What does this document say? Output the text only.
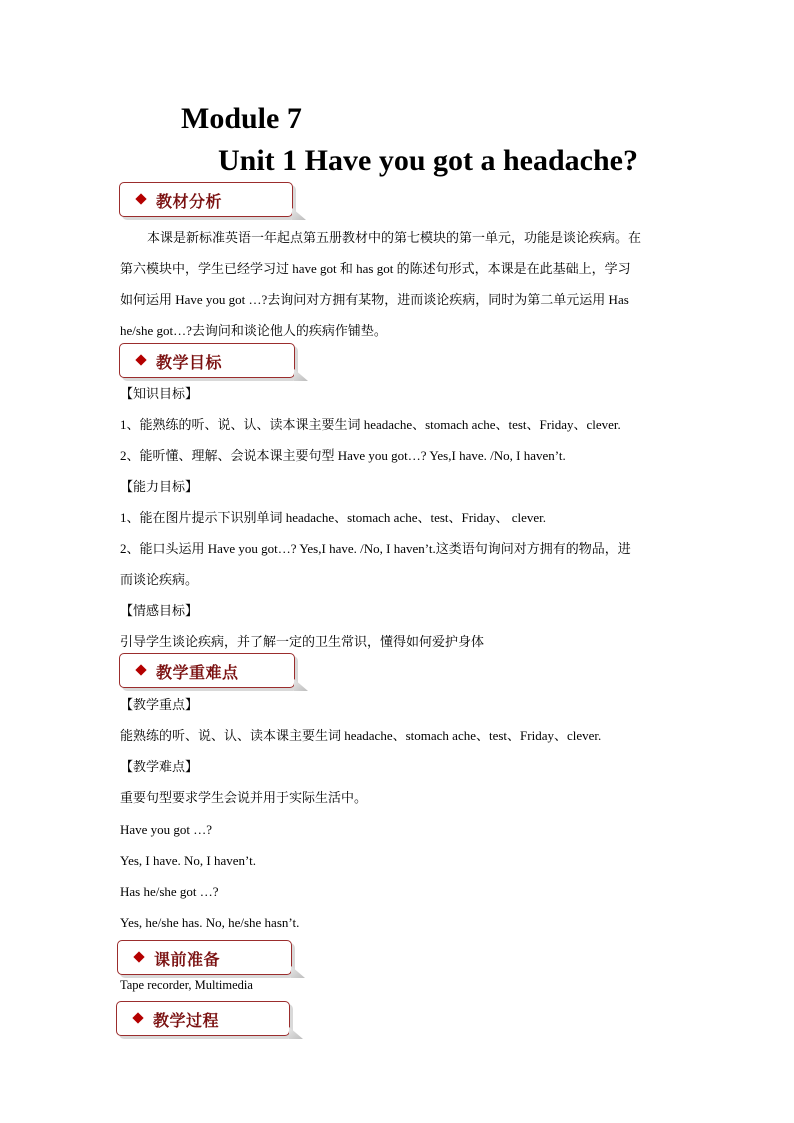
Module 7
Unit 1 Have you got a headache?
教材分析
本课是新标准英语一年起点第五册教材中的第七模块的第一单元，功能是谈论疾病。在
第六模块中，学生已经学习过 have got 和 has got 的陈述句形式，本课是在此基础上，学习
如何运用 Have you got …?去询问对方拥有某物，进而谈论疾病，同时为第二单元运用 Has
he/she got…?去询问和谈论他人的疾病作铺垫。
教学目标
【知识目标】
1、能熟练的听、说、认、读本课主要生词 headache、stomach ache、test、Friday、clever.
2、能听懂、理解、会说本课主要句型 Have you got…? Yes,I have. /No, I haven’t.
【能力目标】
1、能在图片提示下识别单词 headache、stomach ache、test、Friday、 clever.
2、能口头运用 Have you got…? Yes,I have. /No, I haven’t.这类语句询问对方拥有的物品，进
而谈论疾病。
【情感目标】
引导学生谈论疾病，并了解一定的卫生常识，懂得如何爱护身体
教学重难点
【教学重点】
能熟练的听、说、认、读本课主要生词 headache、stomach ache、test、Friday、clever.
【教学难点】
重要句型要求学生会说并用于实际生活中。
Have you got …?
Yes, I have. No, I haven’t.
Has he/she got …?
Yes, he/she has. No, he/she hasn’t.
课前准备
Tape recorder, Multimedia
教学过程
